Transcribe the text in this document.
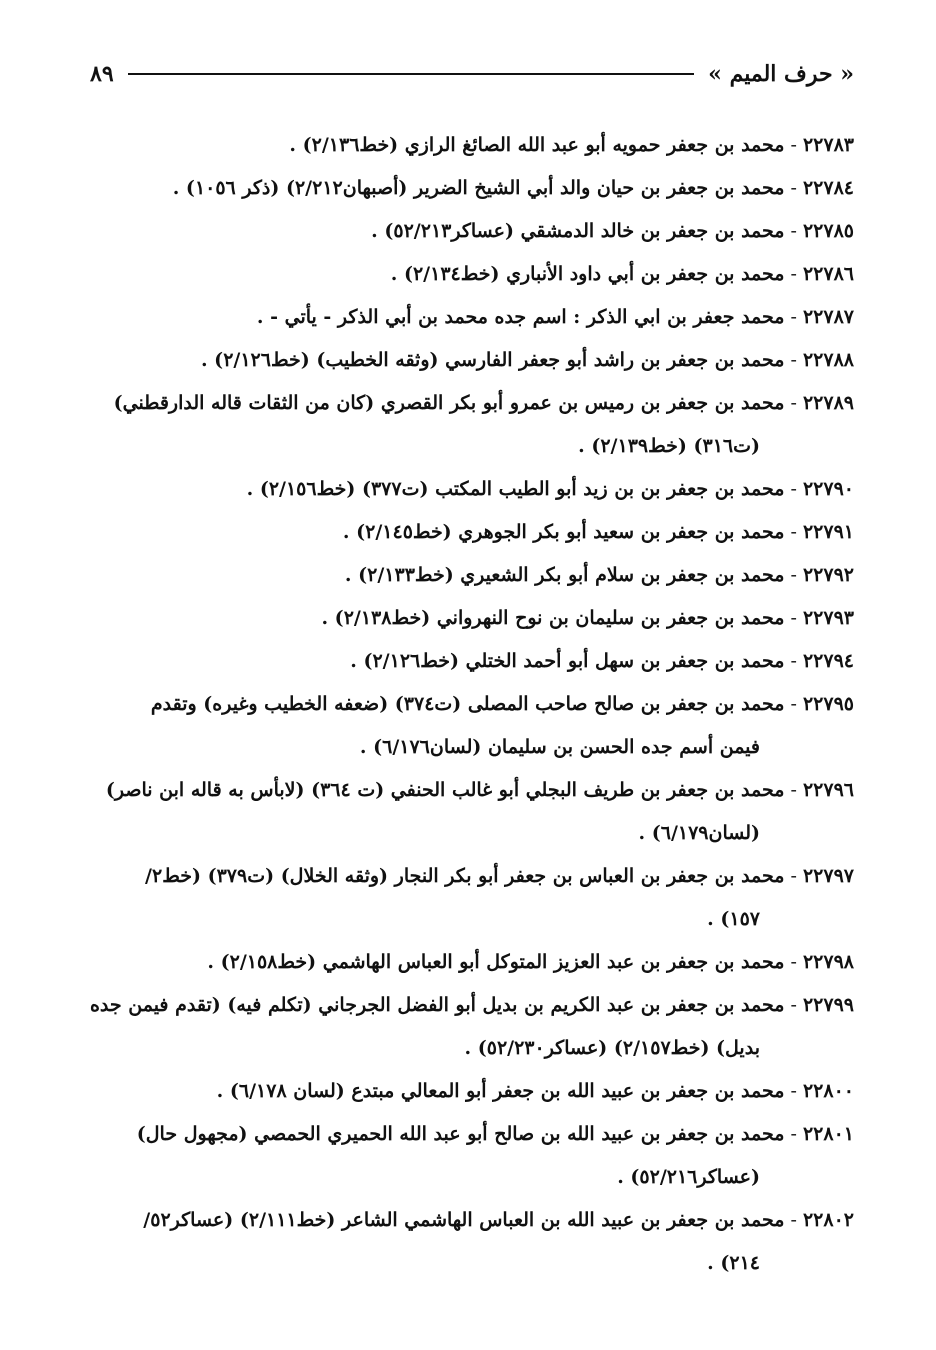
« حرف الميم »
٨٩
٢٢٧٨٣ - محمد بن جعفر حمويه أبو عبد الله الصائغ الرازي (خط٢/١٣٦) .
٢٢٧٨٤ - محمد بن جعفر بن حيان والد أبي الشيخ الضرير (أصبهان٢/٢١٢) (ذكر ١٠٥٦) .
٢٢٧٨٥ - محمد بن جعفر بن خالد الدمشقي (عساكر٥٢/٢١٣) .
٢٢٧٨٦ - محمد بن جعفر بن أبي داود الأنباري (خط٢/١٣٤) .
٢٢٧٨٧ - محمد جعفر بن ابي الذكر : اسم جده محمد بن أبي الذكر - يأتي - .
٢٢٧٨٨ - محمد بن جعفر بن راشد أبو جعفر الفارسي (وثقه الخطيب) (خط٢/١٢٦) .
٢٢٧٨٩ - محمد بن جعفر بن رميس بن عمرو أبو بكر القصري (كان من الثقات قاله الدارقطني)
(ت٣١٦) (خط٢/١٣٩) .
٢٢٧٩٠ - محمد بن جعفر بن بن زيد أبو الطيب المكتب (ت٣٧٧) (خط٢/١٥٦) .
٢٢٧٩١ - محمد بن جعفر بن سعيد أبو بكر الجوهري (خط٢/١٤٥) .
٢٢٧٩٢ - محمد بن جعفر بن سلام أبو بكر الشعيري (خط٢/١٣٣) .
٢٢٧٩٣ - محمد بن جعفر بن سليمان بن نوح النهرواني (خط٢/١٣٨) .
٢٢٧٩٤ - محمد بن جعفر بن سهل أبو أحمد الختلي (خط٢/١٢٦) .
٢٢٧٩٥ - محمد بن جعفر بن صالح صاحب المصلى (ت٣٧٤) (ضعفه الخطيب وغيره) وتقدم
فيمن أسم جده الحسن بن سليمان (لسان٦/١٧٦) .
٢٢٧٩٦ - محمد بن جعفر بن طريف البجلي أبو غالب الحنفي (ت ٣٦٤) (لابأس به قاله ابن ناصر)
(لسان٦/١٧٩) .
٢٢٧٩٧ - محمد بن جعفر بن العباس بن جعفر أبو بكر النجار (وثقه الخلال) (ت٣٧٩) (خط٢/
١٥٧) .
٢٢٧٩٨ - محمد بن جعفر بن عبد العزيز المتوكل أبو العباس الهاشمي (خط٢/١٥٨) .
٢٢٧٩٩ - محمد بن جعفر بن عبد الكريم بن بديل أبو الفضل الجرجاني (تكلم فيه) (تقدم فيمن جده
بديل) (خط٢/١٥٧) (عساكر٥٢/٢٣٠) .
٢٢٨٠٠ - محمد بن جعفر بن عبيد الله بن جعفر أبو المعالي مبتدع (لسان ٦/١٧٨) .
٢٢٨٠١ - محمد بن جعفر بن عبيد الله بن صالح أبو عبد الله الحميري الحمصي (مجهول حال)
(عساكر٥٢/٢١٦) .
٢٢٨٠٢ - محمد بن جعفر بن عبيد الله بن العباس الهاشمي الشاعر (خط٢/١١١) (عساكر٥٢/
٢١٤) .
